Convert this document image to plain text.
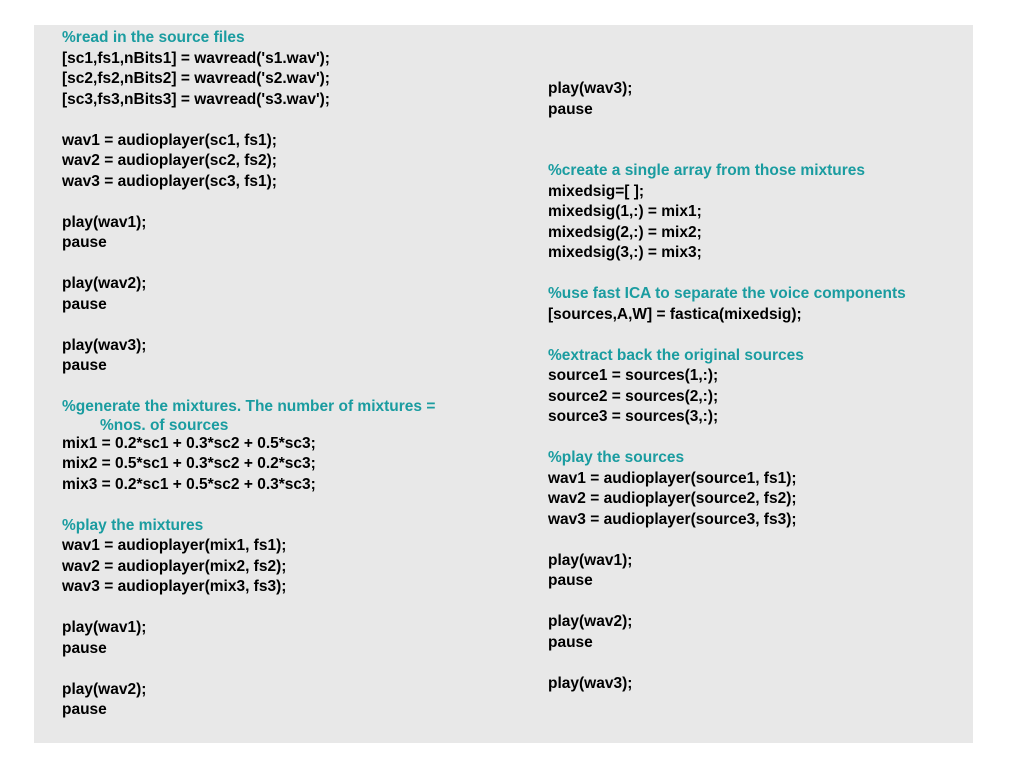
%read in the source files
[sc1,fs1,nBits1] = wavread('s1.wav');
[sc2,fs2,nBits2] = wavread('s2.wav');
[sc3,fs3,nBits3] = wavread('s3.wav');
wav1 = audioplayer(sc1, fs1);
wav2 = audioplayer(sc2, fs2);
wav3 = audioplayer(sc3, fs1);
play(wav1);
pause
play(wav2);
pause
play(wav3);
pause
%generate the mixtures. The number of mixtures =
%nos. of sources
mix1 = 0.2*sc1 + 0.3*sc2 + 0.5*sc3;
mix2 = 0.5*sc1 + 0.3*sc2 + 0.2*sc3;
mix3 = 0.2*sc1 + 0.5*sc2 + 0.3*sc3;
%play the mixtures
wav1 = audioplayer(mix1, fs1);
wav2 = audioplayer(mix2, fs2);
wav3 = audioplayer(mix3, fs3);
play(wav1);
pause
play(wav2);
pause
play(wav3);
pause
%create a single array from those mixtures
mixedsig=[ ];
mixedsig(1,:) = mix1;
mixedsig(2,:) = mix2;
mixedsig(3,:) = mix3;
%use fast ICA to separate the voice components
[sources,A,W] = fastica(mixedsig);
%extract back the original sources
source1 = sources(1,:);
source2 = sources(2,:);
source3 = sources(3,:);
%play the sources
wav1 = audioplayer(source1, fs1);
wav2 = audioplayer(source2, fs2);
wav3 = audioplayer(source3, fs3);
play(wav1);
pause
play(wav2);
pause
play(wav3);
